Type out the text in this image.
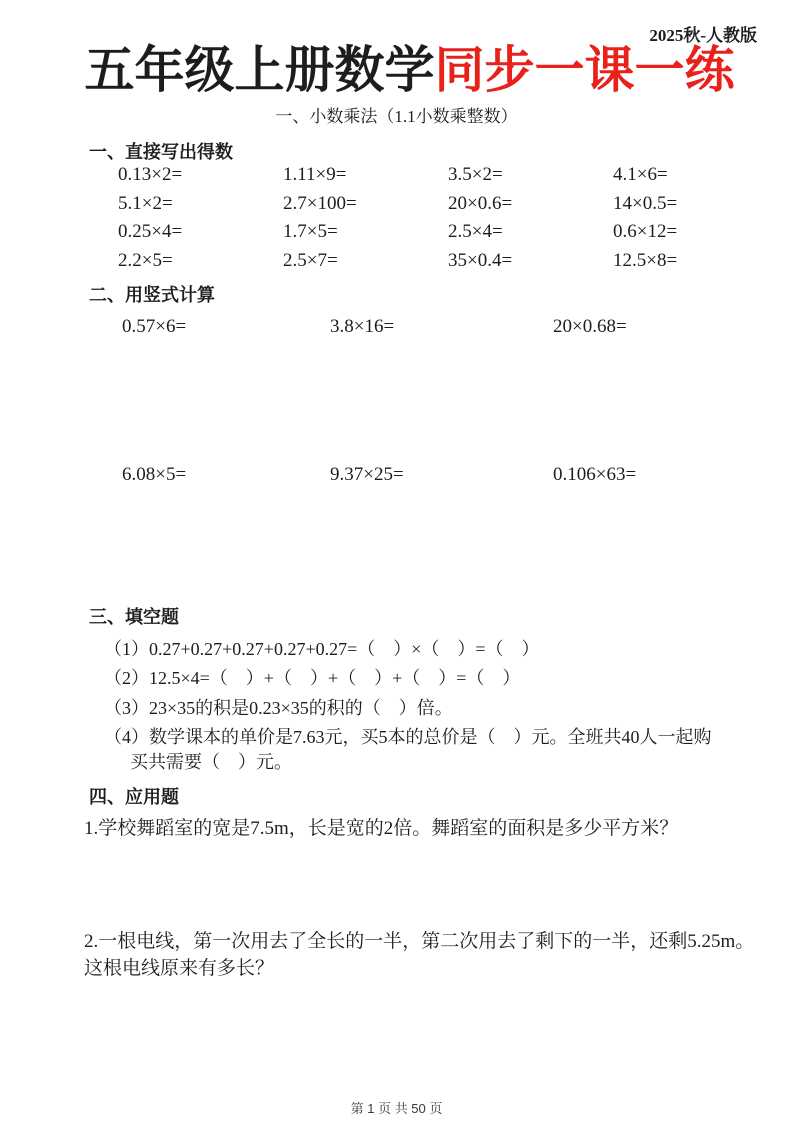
2025秋-人教版
五年级上册数学同步一课一练
一、小数乘法（1.1小数乘整数）
一、直接写出得数
0.13×2=	1.11×9=	3.5×2=	4.1×6=
5.1×2=	2.7×100=	20×0.6=	14×0.5=
0.25×4=	1.7×5=	2.5×4=	0.6×12=
2.2×5=	2.5×7=	35×0.4=	12.5×8=
二、用竖式计算
0.57×6=	3.8×16=	20×0.68=
6.08×5=	9.37×25=	0.106×63=
三、填空题
（1）0.27+0.27+0.27+0.27+0.27=（    ）×（    ）=（    ）
（2）12.5×4=（    ）+（    ）+（    ）+（    ）=（    ）
（3）23×35的积是0.23×35的积的（    ）倍。
（4）数学课本的单价是7.63元，买5本的总价是（    ）元。全班共40人一起购
买共需要（    ）元。
四、应用题
1.学校舞蹈室的宽是7.5m，长是宽的2倍。舞蹈室的面积是多少平方米？
2.一根电线，第一次用去了全长的一半，第二次用去了剩下的一半，还剩5.25m。
这根电线原来有多长？
第 1 页 共 50 页
